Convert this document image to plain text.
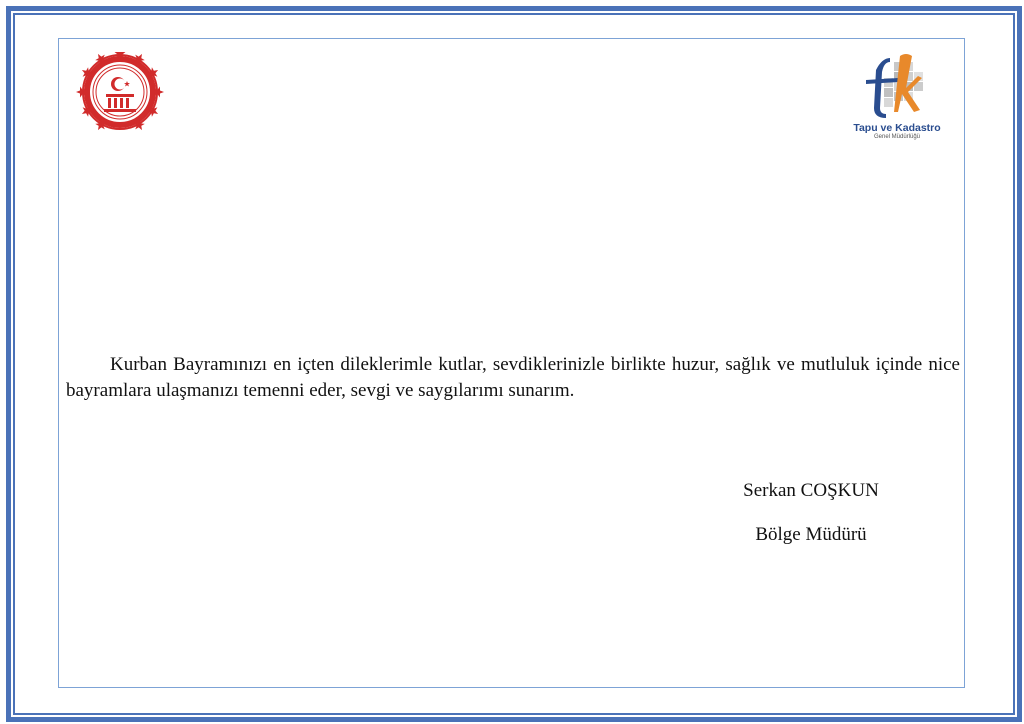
Tapu ve Kadastro
Genel Müdürlüğü
Kurban Bayramınızı en içten dileklerimle kutlar, sevdiklerinizle birlikte huzur, sağlık ve mutluluk içinde nice bayramlara ulaşmanızı temenni eder, sevgi ve saygılarımı sunarım.
Serkan COŞKUN
Bölge Müdürü
